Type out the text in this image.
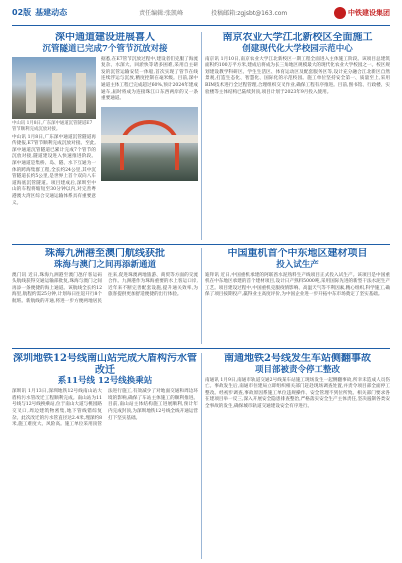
02版 基建动态	责任编辑:张凯峰	投稿邮箱:zgjsbt@163.com	中铁建设集团
深中通道建设进展喜人
沉管隧道已完成7个管节沉放对接
中山讯 1月8日,广东深中通道沉管隧道E7管节顺利完成沉放对接。
中山讯 1月8日,广东深中通道沉管隧道再传捷报,E7管节顺利完成沉放对接。至此,深中通道沉管隧道已累计完成7个管节的沉放对接,隧道建设进入快速推进阶段。深中通道是集桥、岛、隧、水下互通为一体的跨海集群工程,全长约24公里,其中沉管隧道长约5公里,是世界上首个双向八车道海底沉管隧道。项目建成后,深圳至中山的车程将缩短至30分钟以内,对完善粤港澳大湾区综合交通运输体系具有重要意义。
据悉,在E7管节沉放过程中,建设者们克服了海流复杂、水深大、回淤快等诸多困难,采用自主研发的沉管运输安装一体船,首次实现了管节在线连续浮运与沉放,精度控制在毫米级。目前,深中通道主体工程已完成超过60%,预计2024年建成通车,届时将成为连接珠江口东西两岸的又一条重要通道。
南京农业大学江北新校区全面施工
创建现代化大学校园示范中心
南京讯 1月10日,南京农业大学江北新校区一期工程全面进入主体施工阶段。该项目总建筑面积约100万平方米,建成后将成为长三角地区规模最大的现代化农业大学校园之一。校区规划建设教学科研区、学生生活区、体育运动区及配套服务区等,设计充分融合江北新区自然景观,打造生态化、智慧化、国际化的示范校园。施工单位坚持安全第一、质量至上,采用BIM技术进行全过程管理,合理组织交叉作业,确保工程有序推进。目前,图书馆、行政楼、实验楼等主体结构已陆续封顶,项目计划于2023年9月投入使用。
珠海九洲港至澳门航线获批
珠海与澳门之间再添新通道
澳门讯 近日,珠海九洲港至澳门氹仔客运码头航线获得交通运输部批复,珠海与澳门之间再添一条便捷的海上通道。该航线全长约12海里,航程约需25分钟,计划每日往返开行8个航班。新航线的开通,将进一步方便两地居民往来,促进珠澳两地旅游、商贸等方面的交流合作。九洲港作为珠海重要的水上客运口岸,近年来不断完善配套设施,提升通关效率,为旅客提供更加舒适便捷的出行体验。
中国重机首个中东地区建材项目
投入试生产
迪拜讯 近日,中国重机承建的阿联酋水泥熟料生产线项目正式投入试生产。该项目是中国重机在中东地区承建的首个建材项目,设计日产熟料5000吨,采用国际先进的新型干法水泥生产工艺。项目建设过程中,中国重机克服疫情影响、高温天气等不利因素,精心组织,科学施工,确保了项目按期投产,赢得业主高度评价,为中国企业进一步开拓中东市场奠定了坚实基础。
深圳地铁12号线南山站完成大盾构污水管改迁
系11号线 12号线换乘站
深圳讯 1月13日,深圳地铁12号线南山站大盾构污水管改迁工程顺利完成。南山站为11号线与12号线换乘站,位于南山大道与桃园路交叉口,周边建筑物密集,地下管线错综复杂。此次改迁的污水管直径达2.4米,埋深约8米,施工难度大、风险高。施工单位采用顶管法进行施工,有效减少了对地面交通和周边环境的影响,确保了车站主体施工的顺利推进。目前,南山站主体结构施工进展顺利,预计年内完成封顶,为深圳地铁12号线全线开通运营打下坚实基础。
南通地铁2号线发生车站侧翻事故
项目部被责令停工整改
南通讯 1月9日,南通市轨道交通2号线某车站施工现场发生一起侧翻事故,所幸未造成人员伤亡。事故发生后,南通市住建局立即组织相关部门赶赴现场调查处置,并责令项目部全面停工整改。经初步调查,事故原因系施工单位违规操作、安全管理不到位所致。相关部门要求各在建项目举一反三,深入开展安全隐患排查整治,严格落实安全生产主体责任,坚决遏制各类安全事故的发生,确保城市轨道交通建设安全有序进行。
